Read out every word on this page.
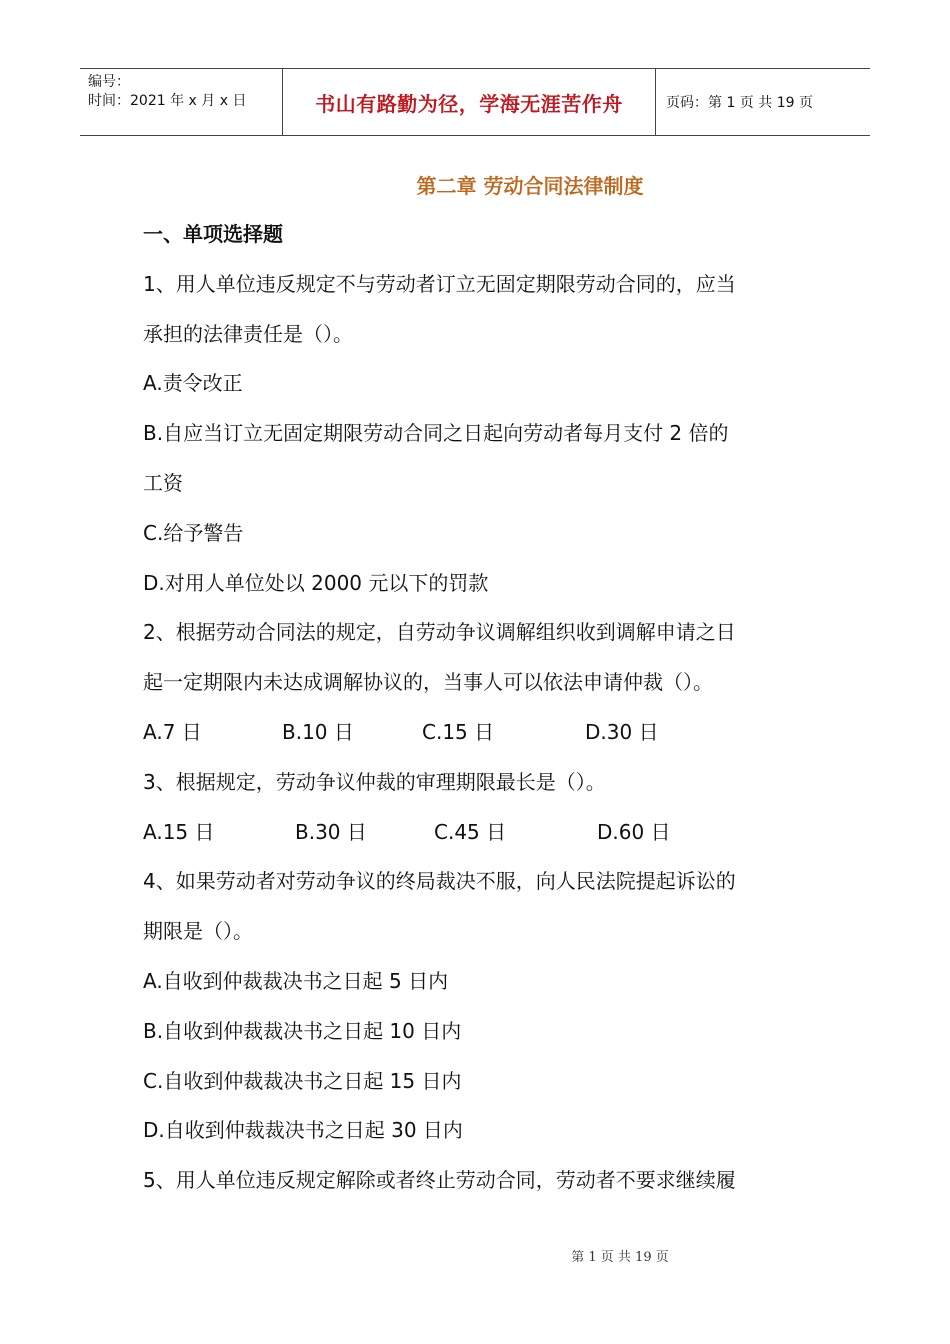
编号：
时间：2021 年 x 月 x 日	书山有路勤为径，学海无涯苦作舟	页码：第 1 页 共 19 页
第二章 劳动合同法律制度
一、单项选择题
1、用人单位违反规定不与劳动者订立无固定期限劳动合同的，应当
承担的法律责任是（）。
A.责令改正
B.自应当订立无固定期限劳动合同之日起向劳动者每月支付 2 倍的
工资
C.给予警告
D.对用人单位处以 2000 元以下的罚款
2、根据劳动合同法的规定，自劳动争议调解组织收到调解申请之日
起一定期限内未达成调解协议的，当事人可以依法申请仲裁（）。
A.7 日	B.10 日	C.15 日	D.30 日
3、根据规定，劳动争议仲裁的审理期限最长是（）。
A.15 日	B.30 日	C.45 日	D.60 日
4、如果劳动者对劳动争议的终局裁决不服，向人民法院提起诉讼的
期限是（）。
A.自收到仲裁裁决书之日起 5 日内
B.自收到仲裁裁决书之日起 10 日内
C.自收到仲裁裁决书之日起 15 日内
D.自收到仲裁裁决书之日起 30 日内
5、用人单位违反规定解除或者终止劳动合同，劳动者不要求继续履
第 1 页 共 19 页
